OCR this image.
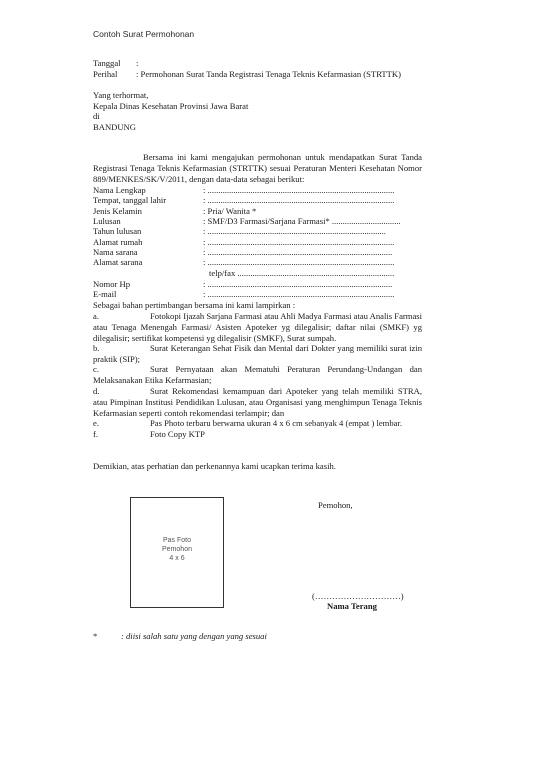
Contoh Surat Permohonan
Tanggal :
Perihal : Permohonan Surat Tanda Registrasi Tenaga Teknis Kefarmasian (STRTTK)
Yang terhormat,
Kepala Dinas Kesehatan Provinsi Jawa Barat
di
BANDUNG
Bersama ini kami mengajukan permohonan untuk mendapatkan Surat Tanda Registrasi Tenaga Teknis Kefarmasian (STRTTK) sesuai Peraturan Menteri Kesehatan Nomor 889/MENKES/SK/V/2011, dengan data-data sebagai berikut:
Nama Lengkap	: .......................................................................................
Tempat, tanggal lahir	: .......................................................................................
Jenis Kelamin	: Pria/ Wanita *
Lulusan	: SMF/D3 Farmasi/Sarjana Farmasi* ................................
Tahun lulusan	: ...................................................................................
Alamat rumah	: .......................................................................................
Nama sarana	: ......................................................................................
Alamat sarana	: .......................................................................................
telp/fax .........................................................................
Nomor Hp	: ......................................................................................
E-mail	: .......................................................................................
Sebagai bahan pertimbangan bersama ini kami lampirkan :
a.	Fotokopi Ijazah Sarjana Farmasi atau Ahli Madya Farmasi atau Analis Farmasi atau Tenaga Menengah Farmasi/ Asisten Apoteker yg dilegalisir; daftar nilai (SMKF) yg dilegalisir; sertifikat kompetensi yg dilegalisir (SMKF), Surat sumpah.
b.	Surat Keterangan Sehat Fisik dan Mental dari Dokter yang memiliki surat izin praktik (SIP);
c.	Surat Pernyataan akan Mematuhi Peraturan Perundang-Undangan dan Melaksanakan Etika Kefarmasian;
d.	Surat Rekomendasi kemampuan dari Apoteker yang telah memiliki STRA, atau Pimpinan Institusi Pendidikan Lulusan, atau Organisasi yang menghimpun Tenaga Teknis Kefarmasian seperti contoh rekomendasi terlampir; dan
e.	Pas Photo terbaru berwarna ukuran 4 x 6 cm sebanyak 4 (empat ) lembar.
f.	Foto Copy KTP
Demikian, atas perhatian dan perkenannya kami ucapkan terima kasih.
Pemohon,
Pas Foto
Pemohon
4 x 6
(…………………………)
Nama Terang
*	: diisi salah satu yang dengan yang sesuai
